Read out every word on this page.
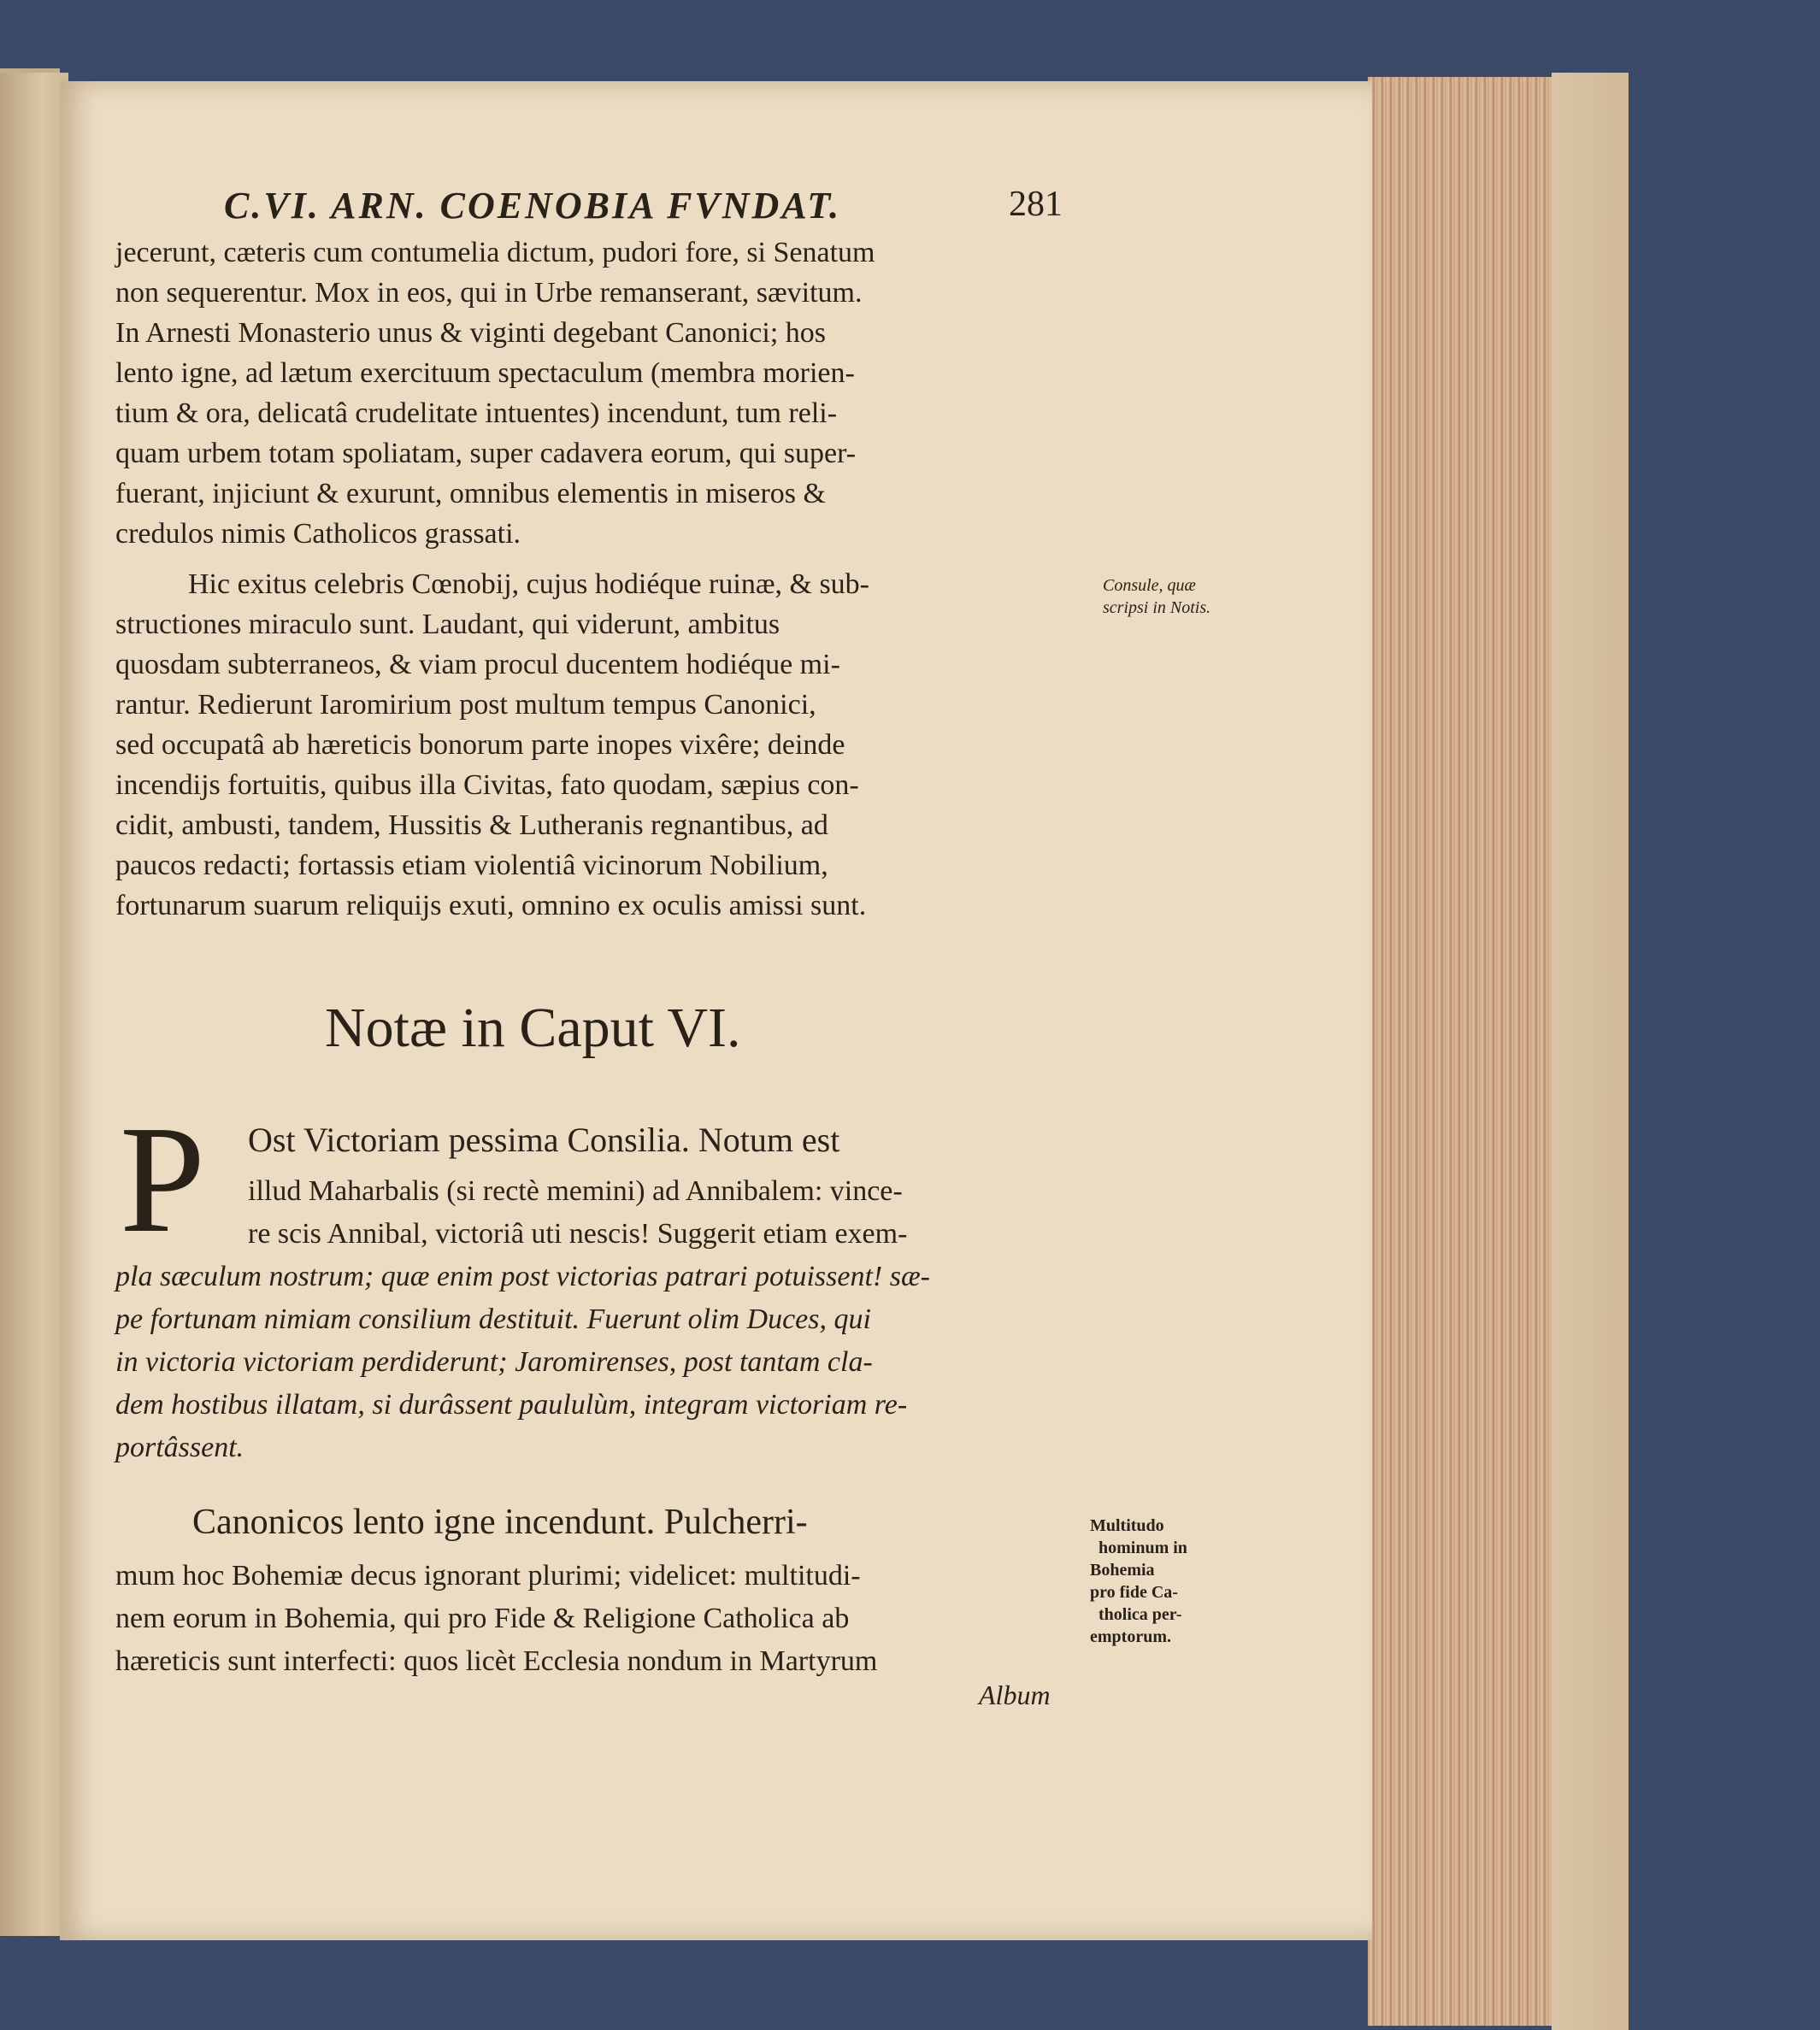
C.VI. ARN. COENOBIA FVNDAT.	281
jecerunt, cæteris cum contumelia dictum, pudori fore, si Senatum
non sequerentur. Mox in eos, qui in Urbe remanserant, sævitum.
In Arnesti Monasterio unus & viginti degebant Canonici; hos
lento igne, ad lætum exercituum spectaculum (membra morien-
tium & ora, delicatâ crudelitate intuentes) incendunt, tum reli-
quam urbem totam spoliatam, super cadavera eorum, qui super-
fuerant, injiciunt & exurunt, omnibus elementis in miseros &
credulos nimis Catholicos grassati.
Hic exitus celebris Cœnobij, cujus hodiéque ruinæ, & sub-
structiones miraculo sunt. Laudant, qui viderunt, ambitus
quosdam subterraneos, & viam procul ducentem hodiéque mi-
rantur. Redierunt Iaromirium post multum tempus Canonici,
sed occupatâ ab hæreticis bonorum parte inopes vixêre; deinde
incendijs fortuitis, quibus illa Civitas, fato quodam, sæpius con-
cidit, ambusti, tandem, Hussitis & Lutheranis regnantibus, ad
paucos redacti; fortassis etiam violentiâ vicinorum Nobilium,
fortunarum suarum reliquijs exuti, omnino ex oculis amissi sunt.
Consule, quæ
scripsi in Notis.
Notæ in Caput VI.
P Ost Victoriam pessima Consilia. Notum est
illud Maharbalis (si rectè memini) ad Annibalem: vince-
re scis Annibal, victoriâ uti nescis! Suggerit etiam exem-
pla sæculum nostrum; quæ enim post victorias patrari potuissent! sæ-
pe fortunam nimiam consilium destituit. Fuerunt olim Duces, qui
in victoria victoriam perdiderunt; Jaromirenses, post tantam cla-
dem hostibus illatam, si durâssent paululùm, integram victoriam re-
portâssent.
Canonicos lento igne incendunt. Pulcherri-
mum hoc Bohemiæ decus ignorant plurimi; videlicet: multitudi-
nem eorum in Bohemia, qui pro Fide & Religione Catholica ab
hæreticis sunt interfecti: quos licèt Ecclesia nondum in Martyrum
Multitudo
hominum in
Bohemia
pro fide Ca-
tholica per-
emptorum.
Album
